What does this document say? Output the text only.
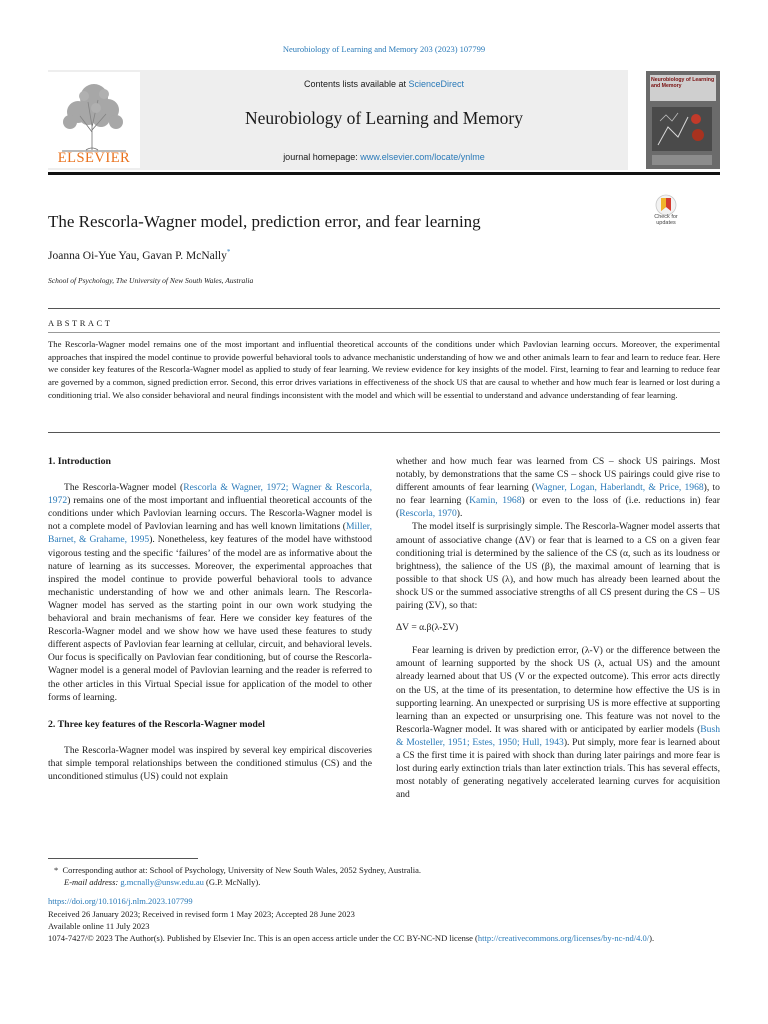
Neurobiology of Learning and Memory 203 (2023) 107799
ELSEVIER
Contents lists available at ScienceDirect
Neurobiology of Learning and Memory
journal homepage: www.elsevier.com/locate/ynlme
Neurobiology of Learning and Memory
The Rescorla-Wagner model, prediction error, and fear learning	Check for
updates
Joanna Oi-Yue Yau, Gavan P. McNally*
School of Psychology, The University of New South Wales, Australia
ABSTRACT
The Rescorla-Wagner model remains one of the most important and influential theoretical accounts of the conditions under which Pavlovian learning occurs. Moreover, the experimental approaches that inspired the model continue to provide powerful behavioral tools to advance mechanistic understanding of how we and other animals learn to fear and learn to reduce fear. Here we consider key features of the Rescorla-Wagner model as applied to study of fear learning. We review evidence for key insights of the model. First, learning to fear and learning to reduce fear are governed by a common, signed prediction error. Second, this error drives variations in effectiveness of the shock US that are causal to whether and how much fear is learned or lost during a conditioning trial. We also consider behavioral and neural findings inconsistent with the model and which will be essential to understand and advance understanding of fear learning.
1. Introduction

The Rescorla-Wagner model (Rescorla & Wagner, 1972; Wagner & Rescorla, 1972) remains one of the most important and influential theoretical accounts of the conditions under which Pavlovian learning occurs. The Rescorla-Wagner model is not a complete model of Pavlovian learning and has well known limitations (Miller, Barnet, & Grahame, 1995). Nonetheless, key features of the model have withstood vigorous testing and the specific ‘failures’ of the model are as informative about the nature of learning as its successes. Moreover, the experimental approaches that inspired the model continue to provide powerful behavioral tools to advance mechanistic understanding of how we and other animals learn. The Rescorla-Wagner model has served as the starting point in our own work studying the behavioral and brain mechanisms of fear. Here we consider key features of the Rescorla-Wagner model and we show how we have used these features to study different aspects of Pavlovian fear learning at cellular, circuit, and behavioral levels. Our focus is specifically on Pavlovian fear conditioning, but of course the Rescorla-Wagner model is a general model of Pavlovian learning and the reader is referred to the other articles in this Virtual Special issue for application of the model to other forms of learning.

2. Three key features of the Rescorla-Wagner model

The Rescorla-Wagner model was inspired by several key empirical discoveries that simple temporal relationships between the conditioned stimulus (CS) and the unconditioned stimulus (US) could not explain

whether and how much fear was learned from CS – shock US pairings. Most notably, by demonstrations that the same CS – shock US pairings could give rise to different amounts of fear learning (Wagner, Logan, Haberlandt, & Price, 1968), to no fear learning (Kamin, 1968) or even to the loss of (i.e. reductions in) fear (Rescorla, 1970).

The model itself is surprisingly simple. The Rescorla-Wagner model asserts that amount of associative change (ΔV) or fear that is learned to a CS on a given fear conditioning trial is determined by the salience of the CS (α, such as its loudness or brightness), the salience of the US (β), the maximal amount of learning that is possible to that shock US (λ), and how much has already been learned about the shock US or the summed associative strengths of all CS present during the CS – US pairing (ΣV), so that:

ΔV = α.β(λ-ΣV)

Fear learning is driven by prediction error, (λ-V) or the difference between the amount of learning supported by the shock US (λ, actual US) and the amount already learned about that US (V or the expected outcome). This error acts directly on the US, at the time of its presentation, to determine how effective the US is in supporting learning. An unexpected or surprising US is more effective at supporting learning than an expected or unsurprising one. This feature was not novel to the Rescorla-Wagner model. It was shared with or anticipated by earlier models (Bush & Mosteller, 1951; Estes, 1950; Hull, 1943). Put simply, more fear is learned about a CS the first time it is paired with shock than during later pairings and more fear is lost during early extinction trials than later extinction trials. This has several effects, most notably of generating negatively accelerated learning curves for acquisition and

* Corresponding author at: School of Psychology, University of New South Wales, 2052 Sydney, Australia.
E-mail address: g.mcnally@unsw.edu.au (G.P. McNally).
https://doi.org/10.1016/j.nlm.2023.107799
Received 26 January 2023; Received in revised form 1 May 2023; Accepted 28 June 2023
Available online 11 July 2023
1074-7427/© 2023 The Author(s). Published by Elsevier Inc. This is an open access article under the CC BY-NC-ND license (http://creativecommons.org/licenses/by-nc-nd/4.0/).
